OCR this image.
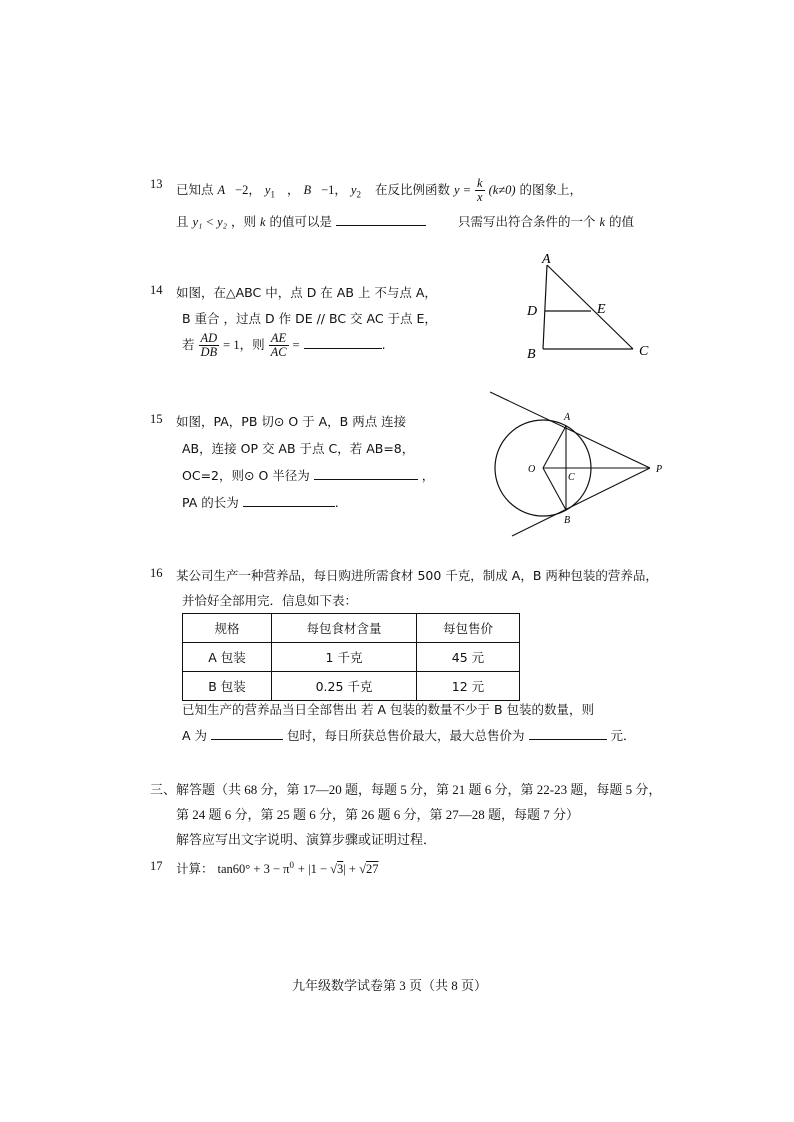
13 已知点 A −2， $y_1$ ， B −1， $y_2$ 在反比例函数 $y = \frac{k}{x} (k\ne 0)$ 的图象上，
且 y₁ < y₂ ，则 k 的值可以是	只需写出符合条件的一个 k 的值
14 如图，在△ABC 中，点 D 在 AB 上 不与点 A，
B 重合 ，过点 D 作 DE // BC 交 AC 于点 E，
若 $\frac{AD}{DB} = 1$，则 $\frac{AE}{AC}$ =	.
A
D	E
B	C
15 如图，PA，PB 切⊙ O 于 A，B 两点 连接
AB，连接 OP 交 AB 于点 C，若 AB=8，
OC=2，则⊙ O 半径为	，
PA 的长为	.
A
O
C
P
B
16 某公司生产一种营养品，每日购进所需食材 500 千克，制成 A，B 两种包装的营养品，
并恰好全部用完．信息如下表：
规格	每包食材含量	每包售价
A 包装	1 千克	45 元
B 包装	0.25 千克	12 元
已知生产的营养品当日全部售出 若 A 包装的数量不少于 B 包装的数量，则
A 为	包时，每日所获总售价最大，最大总售价为	元．
三、解答题（共 68 分，第 17—20 题，每题 5 分，第 21 题 6 分，第 22-23 题，每题 5 分，
第 24 题 6 分，第 25 题 6 分，第 26 题 6 分，第 27—28 题，每题 7 分）
解答应写出文字说明、演算步骤或证明过程．
17 计算： $\tan 60^\circ + 3 - \pi^0 + |1 - √3| + √27$
九年级数学试卷第 3 页（共 8 页）
